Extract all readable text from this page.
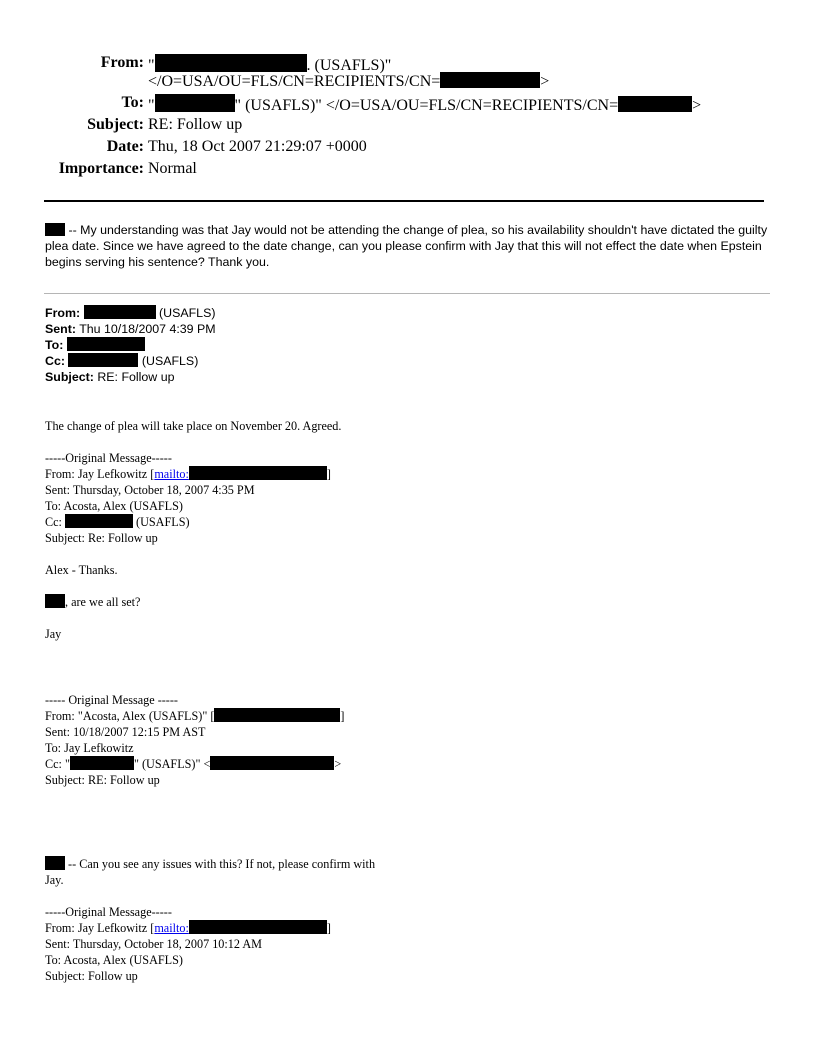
From: "	. (USAFLS)"
</O=USA/OU=FLS/CN=RECIPIENTS/CN=	>
To: "	" (USAFLS)" </O=USA/OU=FLS/CN=RECIPIENTS/CN=	>
Subject: RE: Follow up
Date: Thu, 18 Oct 2007 21:29:07 +0000
Importance: Normal
-- My understanding was that Jay would not be attending the change of plea, so his availability shouldn't have dictated the guilty plea date. Since we have agreed to the date change, can you please confirm with Jay that this will not effect the date when Epstein begins serving his sentence? Thank you.
From:	(USAFLS)
Sent: Thu 10/18/2007 4:39 PM
To:
Cc:	(USAFLS)
Subject: RE: Follow up
The change of plea will take place on November 20. Agreed.
-----Original Message-----
From: Jay Lefkowitz [mailto:	]
Sent: Thursday, October 18, 2007 4:35 PM
To: Acosta, Alex (USAFLS)
Cc:	(USAFLS)
Subject: Re: Follow up
Alex - Thanks.
, are we all set?
Jay
----- Original Message -----
From: "Acosta, Alex (USAFLS)" [	]
Sent: 10/18/2007 12:15 PM AST
To: Jay Lefkowitz
Cc: "	" (USAFLS)" <	>
Subject: RE: Follow up
-- Can you see any issues with this? If not, please confirm with
Jay.
-----Original Message-----
From: Jay Lefkowitz [mailto:	]
Sent: Thursday, October 18, 2007 10:12 AM
To: Acosta, Alex (USAFLS)
Subject: Follow up
